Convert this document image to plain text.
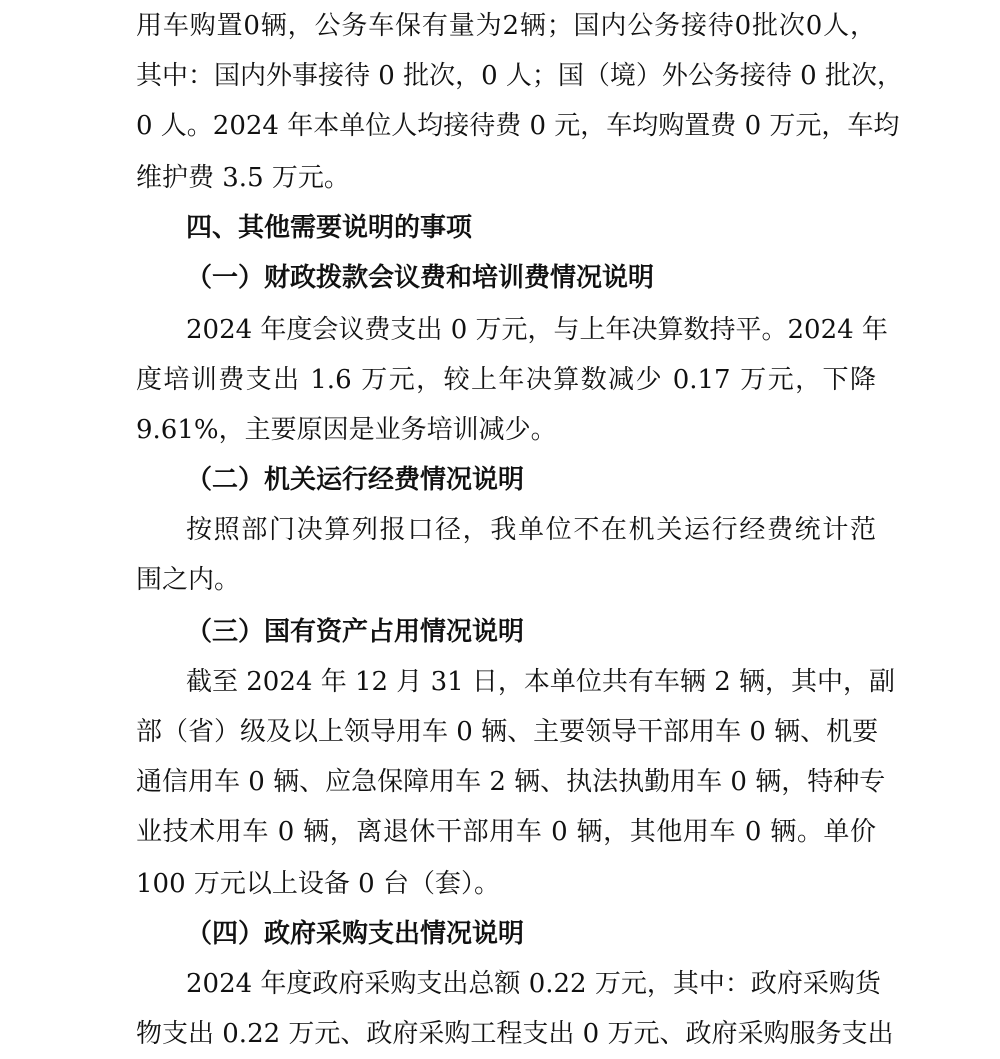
用车购置0辆，公务车保有量为2辆；国内公务接待0批次0人，
其中：国内外事接待 0 批次，0 人；国（境）外公务接待 0 批次，
0 人。2024 年本单位人均接待费 0 元，车均购置费 0 万元，车均
维护费 3.5 万元。
四、其他需要说明的事项
（一）财政拨款会议费和培训费情况说明
2024 年度会议费支出 0 万元，与上年决算数持平。2024 年
度培训费支出 1.6 万元，较上年决算数减少 0.17 万元，下降
9.61%，主要原因是业务培训减少。
（二）机关运行经费情况说明
按照部门决算列报口径，我单位不在机关运行经费统计范
围之内。
（三）国有资产占用情况说明
截至 2024 年 12 月 31 日，本单位共有车辆 2 辆，其中，副
部（省）级及以上领导用车 0 辆、主要领导干部用车 0 辆、机要
通信用车 0 辆、应急保障用车 2 辆、执法执勤用车 0 辆，特种专
业技术用车 0 辆，离退休干部用车 0 辆，其他用车 0 辆。单价
100 万元以上设备 0 台（套）。
（四）政府采购支出情况说明
2024 年度政府采购支出总额 0.22 万元，其中：政府采购货
物支出 0.22 万元、政府采购工程支出 0 万元、政府采购服务支出
